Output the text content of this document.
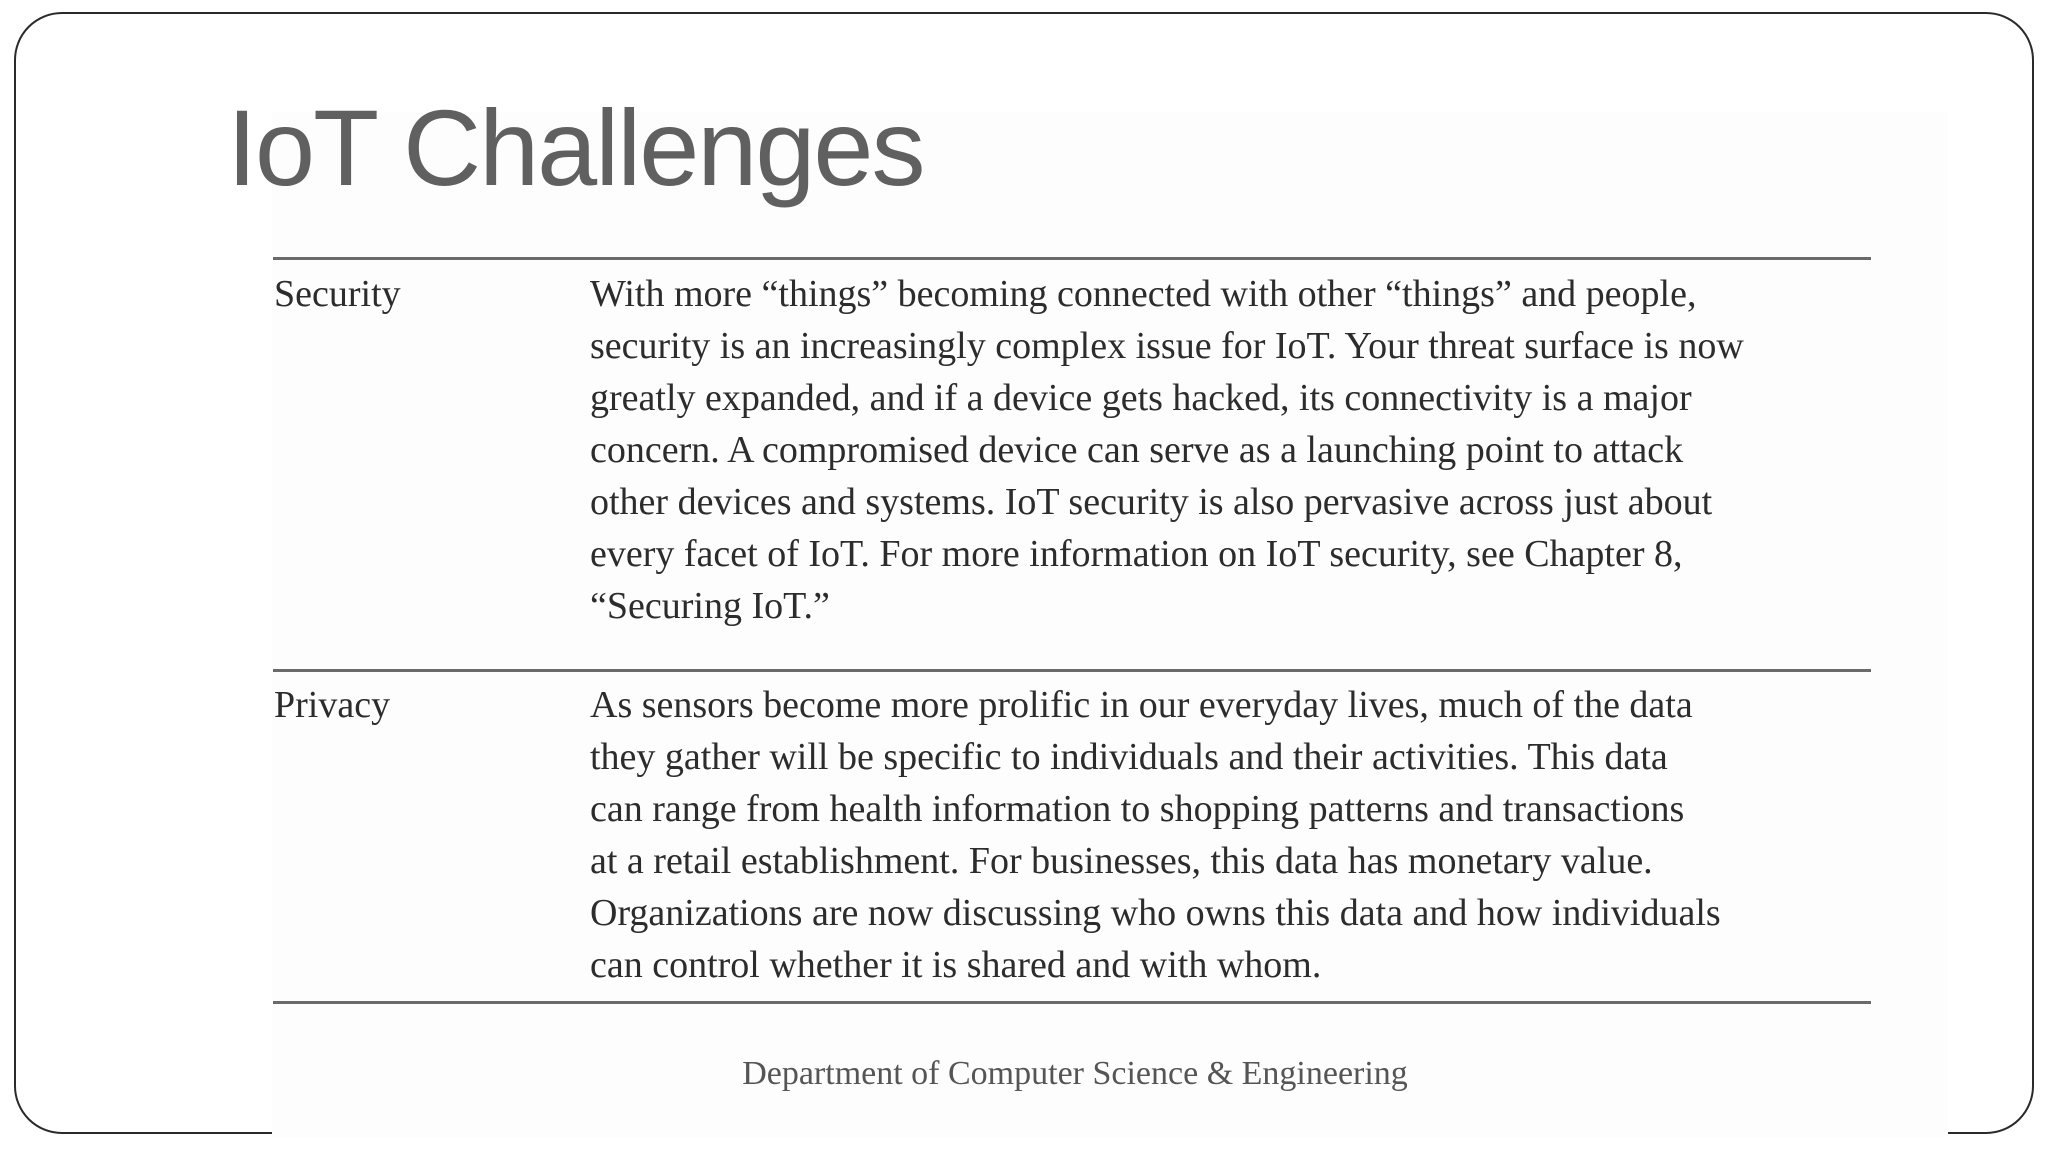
IoT Challenges
Security	With more “things” becoming connected with other “things” and people,
security is an increasingly complex issue for IoT. Your threat surface is now
greatly expanded, and if a device gets hacked, its connectivity is a major
concern. A compromised device can serve as a launching point to attack
other devices and systems. IoT security is also pervasive across just about
every facet of IoT. For more information on IoT security, see Chapter 8,
“Securing IoT.”
Privacy	As sensors become more prolific in our everyday lives, much of the data
they gather will be specific to individuals and their activities. This data
can range from health information to shopping patterns and transactions
at a retail establishment. For businesses, this data has monetary value.
Organizations are now discussing who owns this data and how individuals
can control whether it is shared and with whom.
Department of Computer Science & Engineering
